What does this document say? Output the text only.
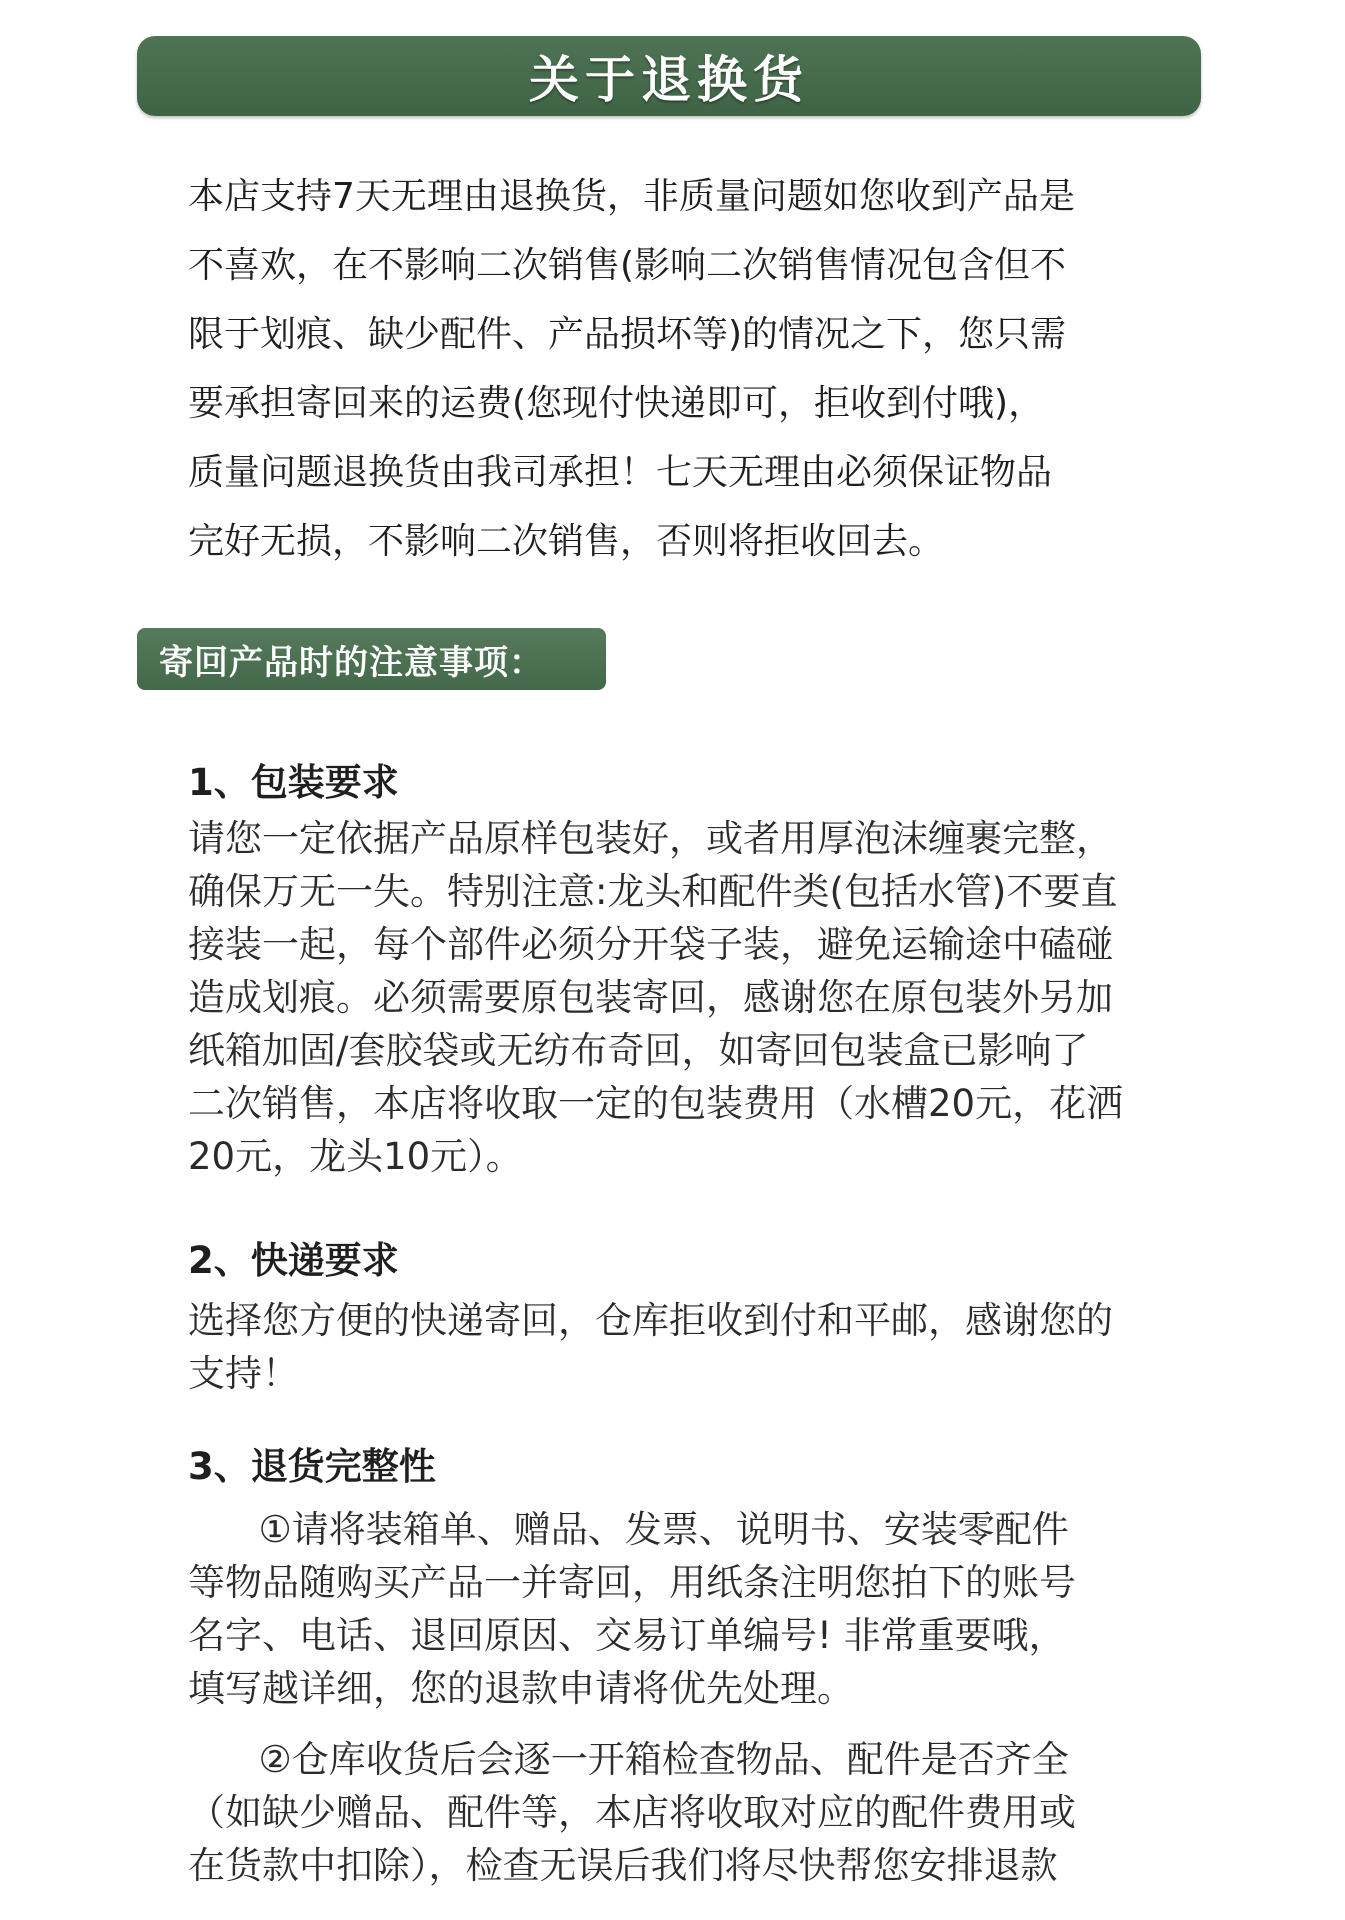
关于退换货
本店支持7天无理由退换货，非质量问题如您收到产品是
不喜欢，在不影响二次销售(影响二次销售情况包含但不
限于划痕、缺少配件、产品损坏等)的情况之下，您只需
要承担寄回来的运费(您现付快递即可，拒收到付哦)，
质量问题退换货由我司承担！七天无理由必须保证物品
完好无损，不影响二次销售，否则将拒收回去。
寄回产品时的注意事项：
1、包装要求
请您一定依据产品原样包装好，或者用厚泡沫缠裹完整，
确保万无一失。特别注意:龙头和配件类(包括水管)不要直
接装一起，每个部件必须分开袋子装，避免运输途中磕碰
造成划痕。必须需要原包装寄回，感谢您在原包装外另加
纸箱加固/套胶袋或无纺布奇回，如寄回包装盒已影响了
二次销售，本店将收取一定的包装费用（水槽20元，花洒
20元，龙头10元）。
2、快递要求
选择您方便的快递寄回，仓库拒收到付和平邮，感谢您的
支持！
3、退货完整性
①请将装箱单、赠品、发票、说明书、安装零配件
等物品随购买产品一并寄回，用纸条注明您拍下的账号
名字、电话、退回原因、交易订单编号! 非常重要哦，
填写越详细，您的退款申请将优先处理。
②仓库收货后会逐一开箱检查物品、配件是否齐全
（如缺少赠品、配件等，本店将收取对应的配件费用或
在货款中扣除），检查无误后我们将尽快帮您安排退款
